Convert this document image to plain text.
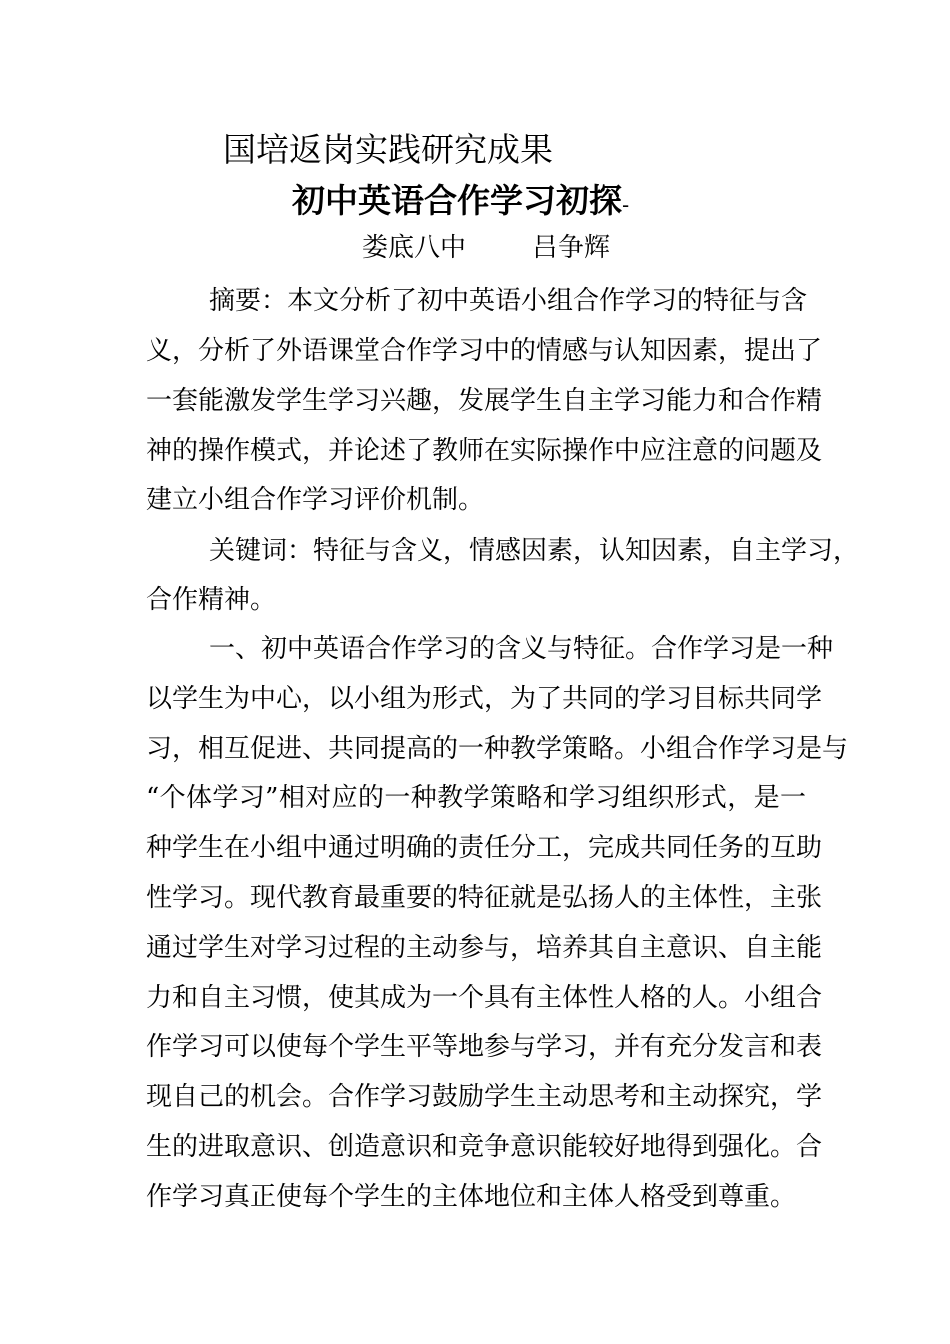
国培返岗实践研究成果
初中英语合作学习初探-
娄底八中	吕争辉
摘要：本文分析了初中英语小组合作学习的特征与含
义，分析了外语课堂合作学习中的情感与认知因素，提出了
一套能激发学生学习兴趣，发展学生自主学习能力和合作精
神的操作模式，并论述了教师在实际操作中应注意的问题及
建立小组合作学习评价机制。
关键词：特征与含义，情感因素，认知因素，自主学习，
合作精神。
一、初中英语合作学习的含义与特征。合作学习是一种
以学生为中心，以小组为形式，为了共同的学习目标共同学
习，相互促进、共同提高的一种教学策略。小组合作学习是与
“个体学习”相对应的一种教学策略和学习组织形式，是一
种学生在小组中通过明确的责任分工，完成共同任务的互助
性学习。现代教育最重要的特征就是弘扬人的主体性，主张
通过学生对学习过程的主动参与，培养其自主意识、自主能
力和自主习惯，使其成为一个具有主体性人格的人。小组合
作学习可以使每个学生平等地参与学习，并有充分发言和表
现自己的机会。合作学习鼓励学生主动思考和主动探究，学
生的进取意识、创造意识和竞争意识能较好地得到强化。合
作学习真正使每个学生的主体地位和主体人格受到尊重。
